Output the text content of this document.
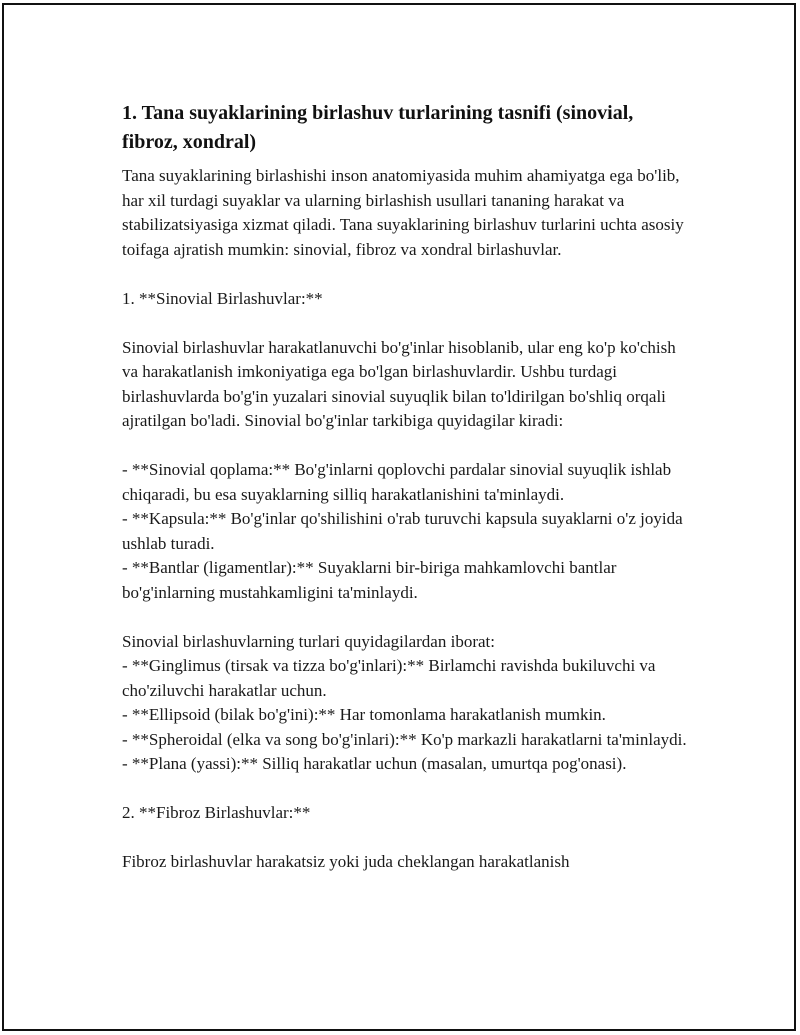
1. Tana suyaklarining birlashuv turlarining tasnifi (sinovial, fibroz, xondral)

Tana suyaklarining birlashishi inson anatomiyasida muhim ahamiyatga ega bo'lib, har xil turdagi suyaklar va ularning birlashish usullari tananing harakat va stabilizatsiyasiga xizmat qiladi. Tana suyaklarining birlashuv turlarini uchta asosiy toifaga ajratish mumkin: sinovial, fibroz va xondral birlashuvlar.

1. **Sinovial Birlashuvlar:**

Sinovial birlashuvlar harakatlanuvchi bo'g'inlar hisoblanib, ular eng ko'p ko'chish va harakatlanish imkoniyatiga ega bo'lgan birlashuvlardir. Ushbu turdagi birlashuvlarda bo'g'in yuzalari sinovial suyuqlik bilan to'ldirilgan bo'shliq orqali ajratilgan bo'ladi. Sinovial bo'g'inlar tarkibiga quyidagilar kiradi:

- **Sinovial qoplama:** Bo'g'inlarni qoplovchi pardalar sinovial suyuqlik ishlab chiqaradi, bu esa suyaklarning silliq harakatlanishini ta'minlaydi.
- **Kapsula:** Bo'g'inlar qo'shilishini o'rab turuvchi kapsula suyaklarni o'z joyida ushlab turadi.
- **Bantlar (ligamentlar):** Suyaklarni bir-biriga mahkamlovchi bantlar bo'g'inlarning mustahkamligini ta'minlaydi.

Sinovial birlashuvlarning turlari quyidagilardan iborat:
- **Ginglimus (tirsak va tizza bo'g'inlari):** Birlamchi ravishda bukiluvchi va cho'ziluvchi harakatlar uchun.
- **Ellipsoid (bilak bo'g'ini):** Har tomonlama harakatlanish mumkin.
- **Spheroidal (elka va song bo'g'inlari):** Ko'p markazli harakatlarni ta'minlaydi.
- **Plana (yassi):** Silliq harakatlar uchun (masalan, umurtqa pog'onasi).

2. **Fibroz Birlashuvlar:**

Fibroz birlashuvlar harakatsiz yoki juda cheklangan harakatlanish
